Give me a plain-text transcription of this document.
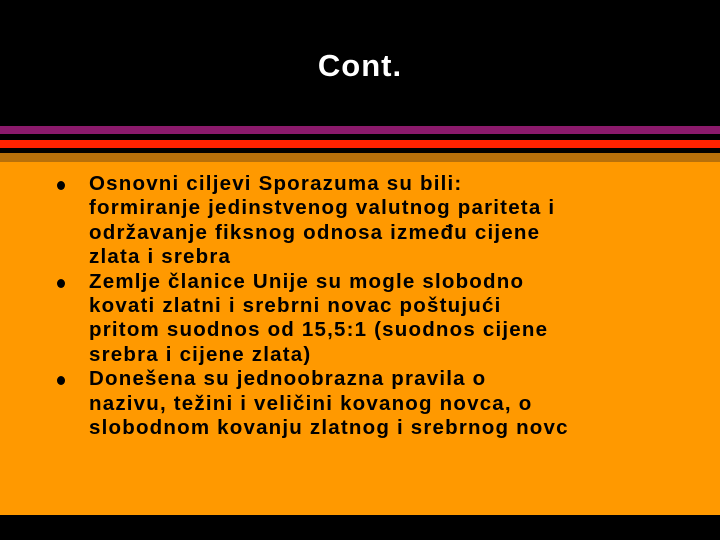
Cont.
Osnovni ciljevi Sporazuma su bili:
formiranje jedinstvenog valutnog pariteta i
održavanje fiksnog odnosa između cijene
zlata i srebra
Zemlje članice Unije su mogle slobodno
kovati zlatni i srebrni novac poštujući
pritom suodnos od 15,5:1 (suodnos cijene
srebra i cijene zlata)
Donešena su jednoobrazna pravila o
nazivu, težini i veličini kovanog novca, o
slobodnom kovanju zlatnog i srebrnog novc
